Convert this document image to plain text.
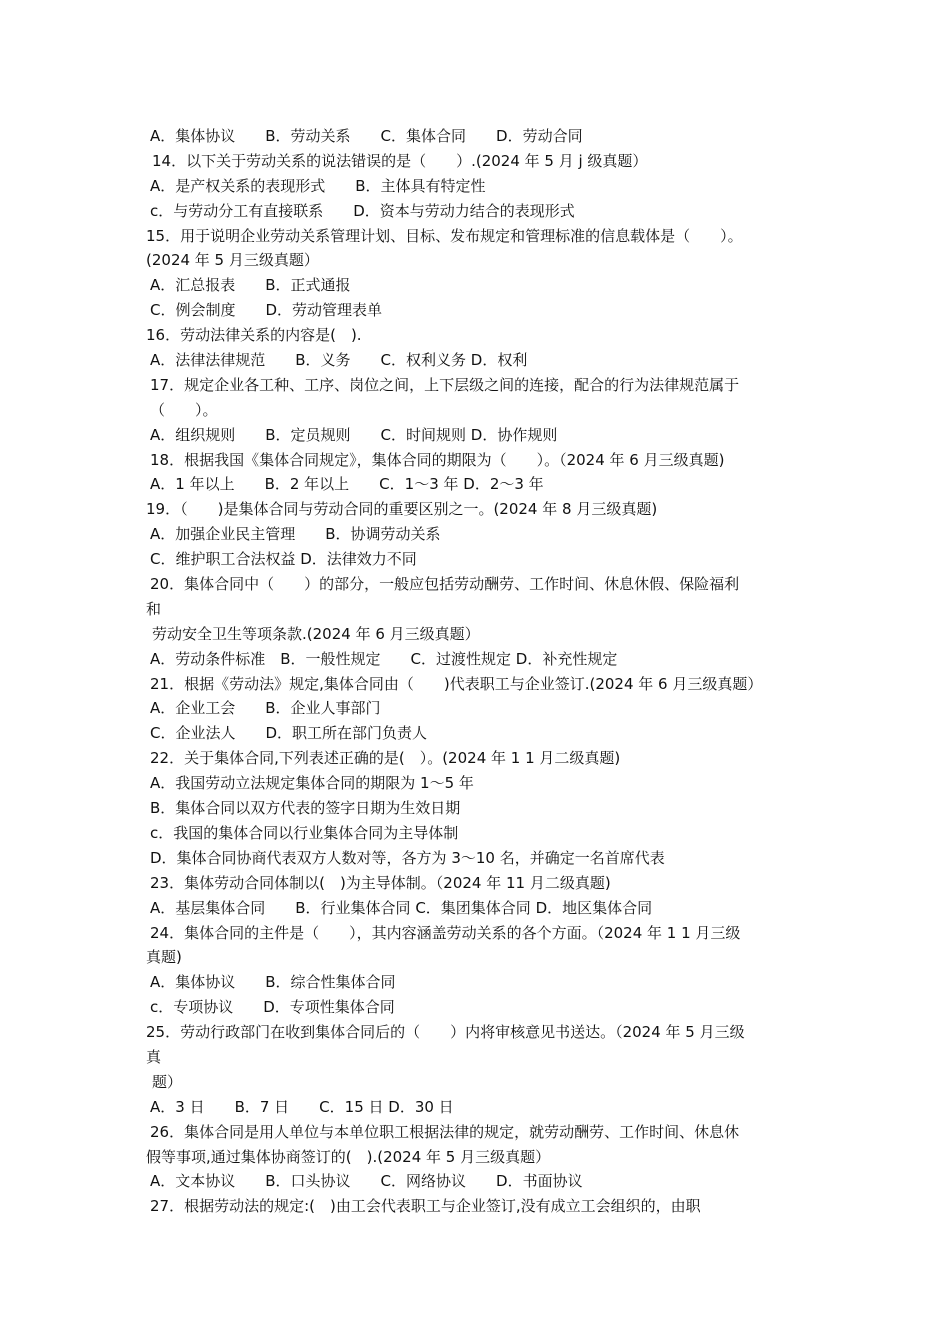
A．集体协议　　B．劳动关系　　C．集体合同　　D．劳动合同
14．以下关于劳动关系的说法错误的是（　　）.(2024 年 5 月 j 级真题）
A．是产权关系的表现形式　　B．主体具有特定性
c．与劳动分工有直接联系　　D．资本与劳动力结合的表现形式
15．用于说明企业劳动关系管理计划、目标、发布规定和管理标准的信息载体是（　　）。
(2024 年 5 月三级真题）
A．汇总报表　　B．正式通报
C．例会制度　　D．劳动管理表单
16．劳动法律关系的内容是(　).
A．法律法律规范　　B．义务　　C．权利义务 D．权利
17．规定企业各工种、工序、岗位之间，上下层级之间的连接，配合的行为法律规范属于
（　　）。
A．组织规则　　B．定员规则　　C．时间规则 D．协作规则
18．根据我国《集体合同规定》，集体合同的期限为（　　）。（2024 年 6 月三级真题)
A．1 年以上　　B．2 年以上　　C．1～3 年 D．2～3 年
19．（　　)是集体合同与劳动合同的重要区别之一。(2024 年 8 月三级真题)
A．加强企业民主管理　　B．协调劳动关系
C．维护职工合法权益 D．法律效力不同
20．集体合同中（　　）的部分，一般应包括劳动酬劳、工作时间、休息休假、保险福利
和
劳动安全卫生等项条款.(2024 年 6 月三级真题）
A．劳动条件标准　B．一般性规定　　C．过渡性规定 D．补充性规定
21．根据《劳动法》规定,集体合同由（　　)代表职工与企业签订.(2024 年 6 月三级真题）
A．企业工会　　B．企业人事部门
C．企业法人　　D．职工所在部门负责人
22．关于集体合同,下列表述正确的是(　）。(2024 年 1 1 月二级真题)
A．我国劳动立法规定集体合同的期限为 1～5 年
B．集体合同以双方代表的签字日期为生效日期
c．我国的集体合同以行业集体合同为主导体制
D．集体合同协商代表双方人数对等，各方为 3～10 名，并确定一名首席代表
23．集体劳动合同体制以(　)为主导体制。（2024 年 11 月二级真题)
A．基层集体合同　　B．行业集体合同 C．集团集体合同 D．地区集体合同
24．集体合同的主件是（　　），其内容涵盖劳动关系的各个方面。（2024 年 1 1 月三级
真题)
A．集体协议　　B．综合性集体合同
c．专项协议　　D．专项性集体合同
25．劳动行政部门在收到集体合同后的（　　）内将审核意见书送达。（2024 年 5 月三级
真
题）
A．3 日　　B．7 日　　C．15 日 D．30 日
26．集体合同是用人单位与本单位职工根据法律的规定，就劳动酬劳、工作时间、休息休
假等事项,通过集体协商签订的(　).(2024 年 5 月三级真题）
A．文本协议　　B．口头协议　　C．网络协议　　D．书面协议
27．根据劳动法的规定:(　)由工会代表职工与企业签订,没有成立工会组织的，由职
